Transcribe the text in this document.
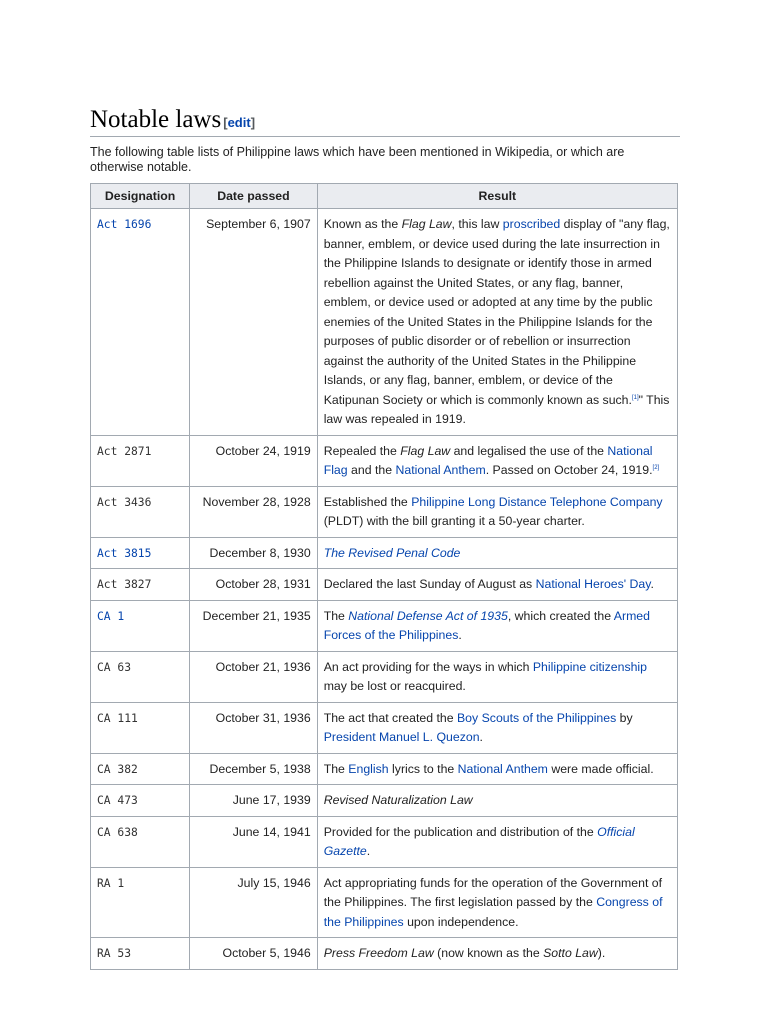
Notable laws [edit]

The following table lists of Philippine laws which have been mentioned in Wikipedia, or which are otherwise notable.

Designation	Date passed	Result
Act 1696	September 6, 1907	Known as the Flag Law, this law proscribed display of "any flag, banner, emblem, or device used during the late insurrection in the Philippine Islands to designate or identify those in armed rebellion against the United States, or any flag, banner, emblem, or device used or adopted at any time by the public enemies of the United States in the Philippine Islands for the purposes of public disorder or of rebellion or insurrection against the authority of the United States in the Philippine Islands, or any flag, banner, emblem, or device of the Katipunan Society or which is commonly known as such.[1]" This law was repealed in 1919.
Act 2871	October 24, 1919	Repealed the Flag Law and legalised the use of the National Flag and the National Anthem. Passed on October 24, 1919.[2]
Act 3436	November 28, 1928	Established the Philippine Long Distance Telephone Company (PLDT) with the bill granting it a 50-year charter.
Act 3815	December 8, 1930	The Revised Penal Code
Act 3827	October 28, 1931	Declared the last Sunday of August as National Heroes' Day.
CA 1	December 21, 1935	The National Defense Act of 1935, which created the Armed Forces of the Philippines.
CA 63	October 21, 1936	An act providing for the ways in which Philippine citizenship may be lost or reacquired.
CA 111	October 31, 1936	The act that created the Boy Scouts of the Philippines by President Manuel L. Quezon.
CA 382	December 5, 1938	The English lyrics to the National Anthem were made official.
CA 473	June 17, 1939	Revised Naturalization Law
CA 638	June 14, 1941	Provided for the publication and distribution of the Official Gazette.
RA 1	July 15, 1946	Act appropriating funds for the operation of the Government of the Philippines. The first legislation passed by the Congress of the Philippines upon independence.
RA 53	October 5, 1946	Press Freedom Law (now known as the Sotto Law).
